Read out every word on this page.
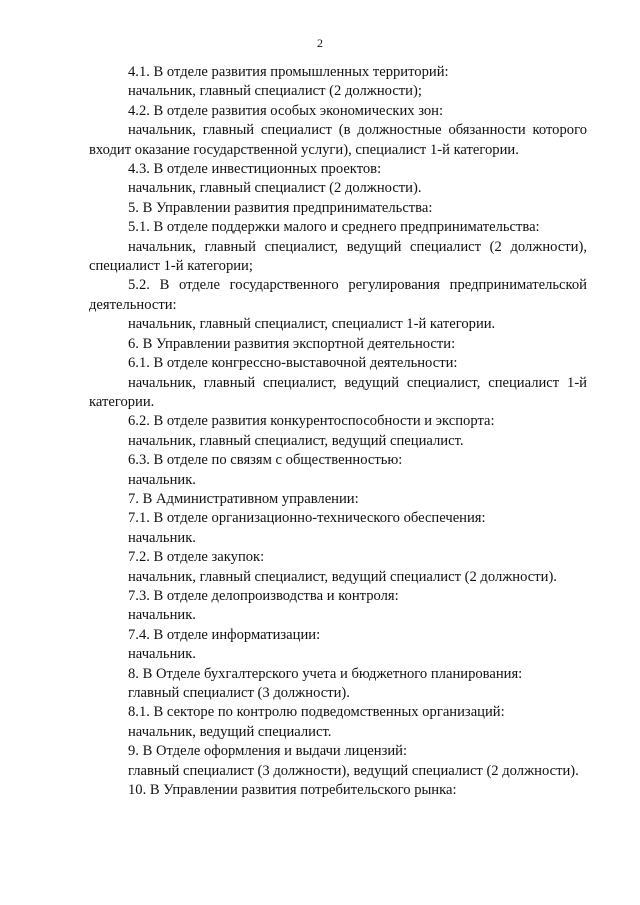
2

4.1. В отделе развития промышленных территорий:

начальник, главный специалист (2 должности);

4.2. В отделе развития особых экономических зон:

начальник, главный специалист (в должностные обязанности которого входит оказание государственной услуги), специалист 1-й категории.

4.3. В отделе инвестиционных проектов:

начальник, главный специалист (2 должности).

5. В Управлении развития предпринимательства:

5.1. В отделе поддержки малого и среднего предпринимательства:

начальник, главный специалист, ведущий специалист (2 должности), специалист 1-й категории;

5.2. В отделе государственного регулирования предпринимательской деятельности:

начальник, главный специалист, специалист 1-й категории.

6. В Управлении развития экспортной деятельности:

6.1. В отделе конгрессно-выставочной деятельности:

начальник, главный специалист, ведущий специалист, специалист 1-й категории.

6.2. В отделе развития конкурентоспособности и экспорта:

начальник, главный специалист, ведущий специалист.

6.3. В отделе по связям с общественностью:

начальник.

7. В Административном управлении:

7.1. В отделе организационно-технического обеспечения:

начальник.

7.2. В отделе закупок:

начальник, главный специалист, ведущий специалист (2 должности).

7.3. В отделе делопроизводства и контроля:

начальник.

7.4. В отделе информатизации:

начальник.

8. В Отделе бухгалтерского учета и бюджетного планирования:

главный специалист (3 должности).

8.1. В секторе по контролю подведомственных организаций:

начальник, ведущий специалист.

9. В Отделе оформления и выдачи лицензий:

главный специалист (3 должности), ведущий специалист (2 должности).

10. В Управлении развития потребительского рынка:
